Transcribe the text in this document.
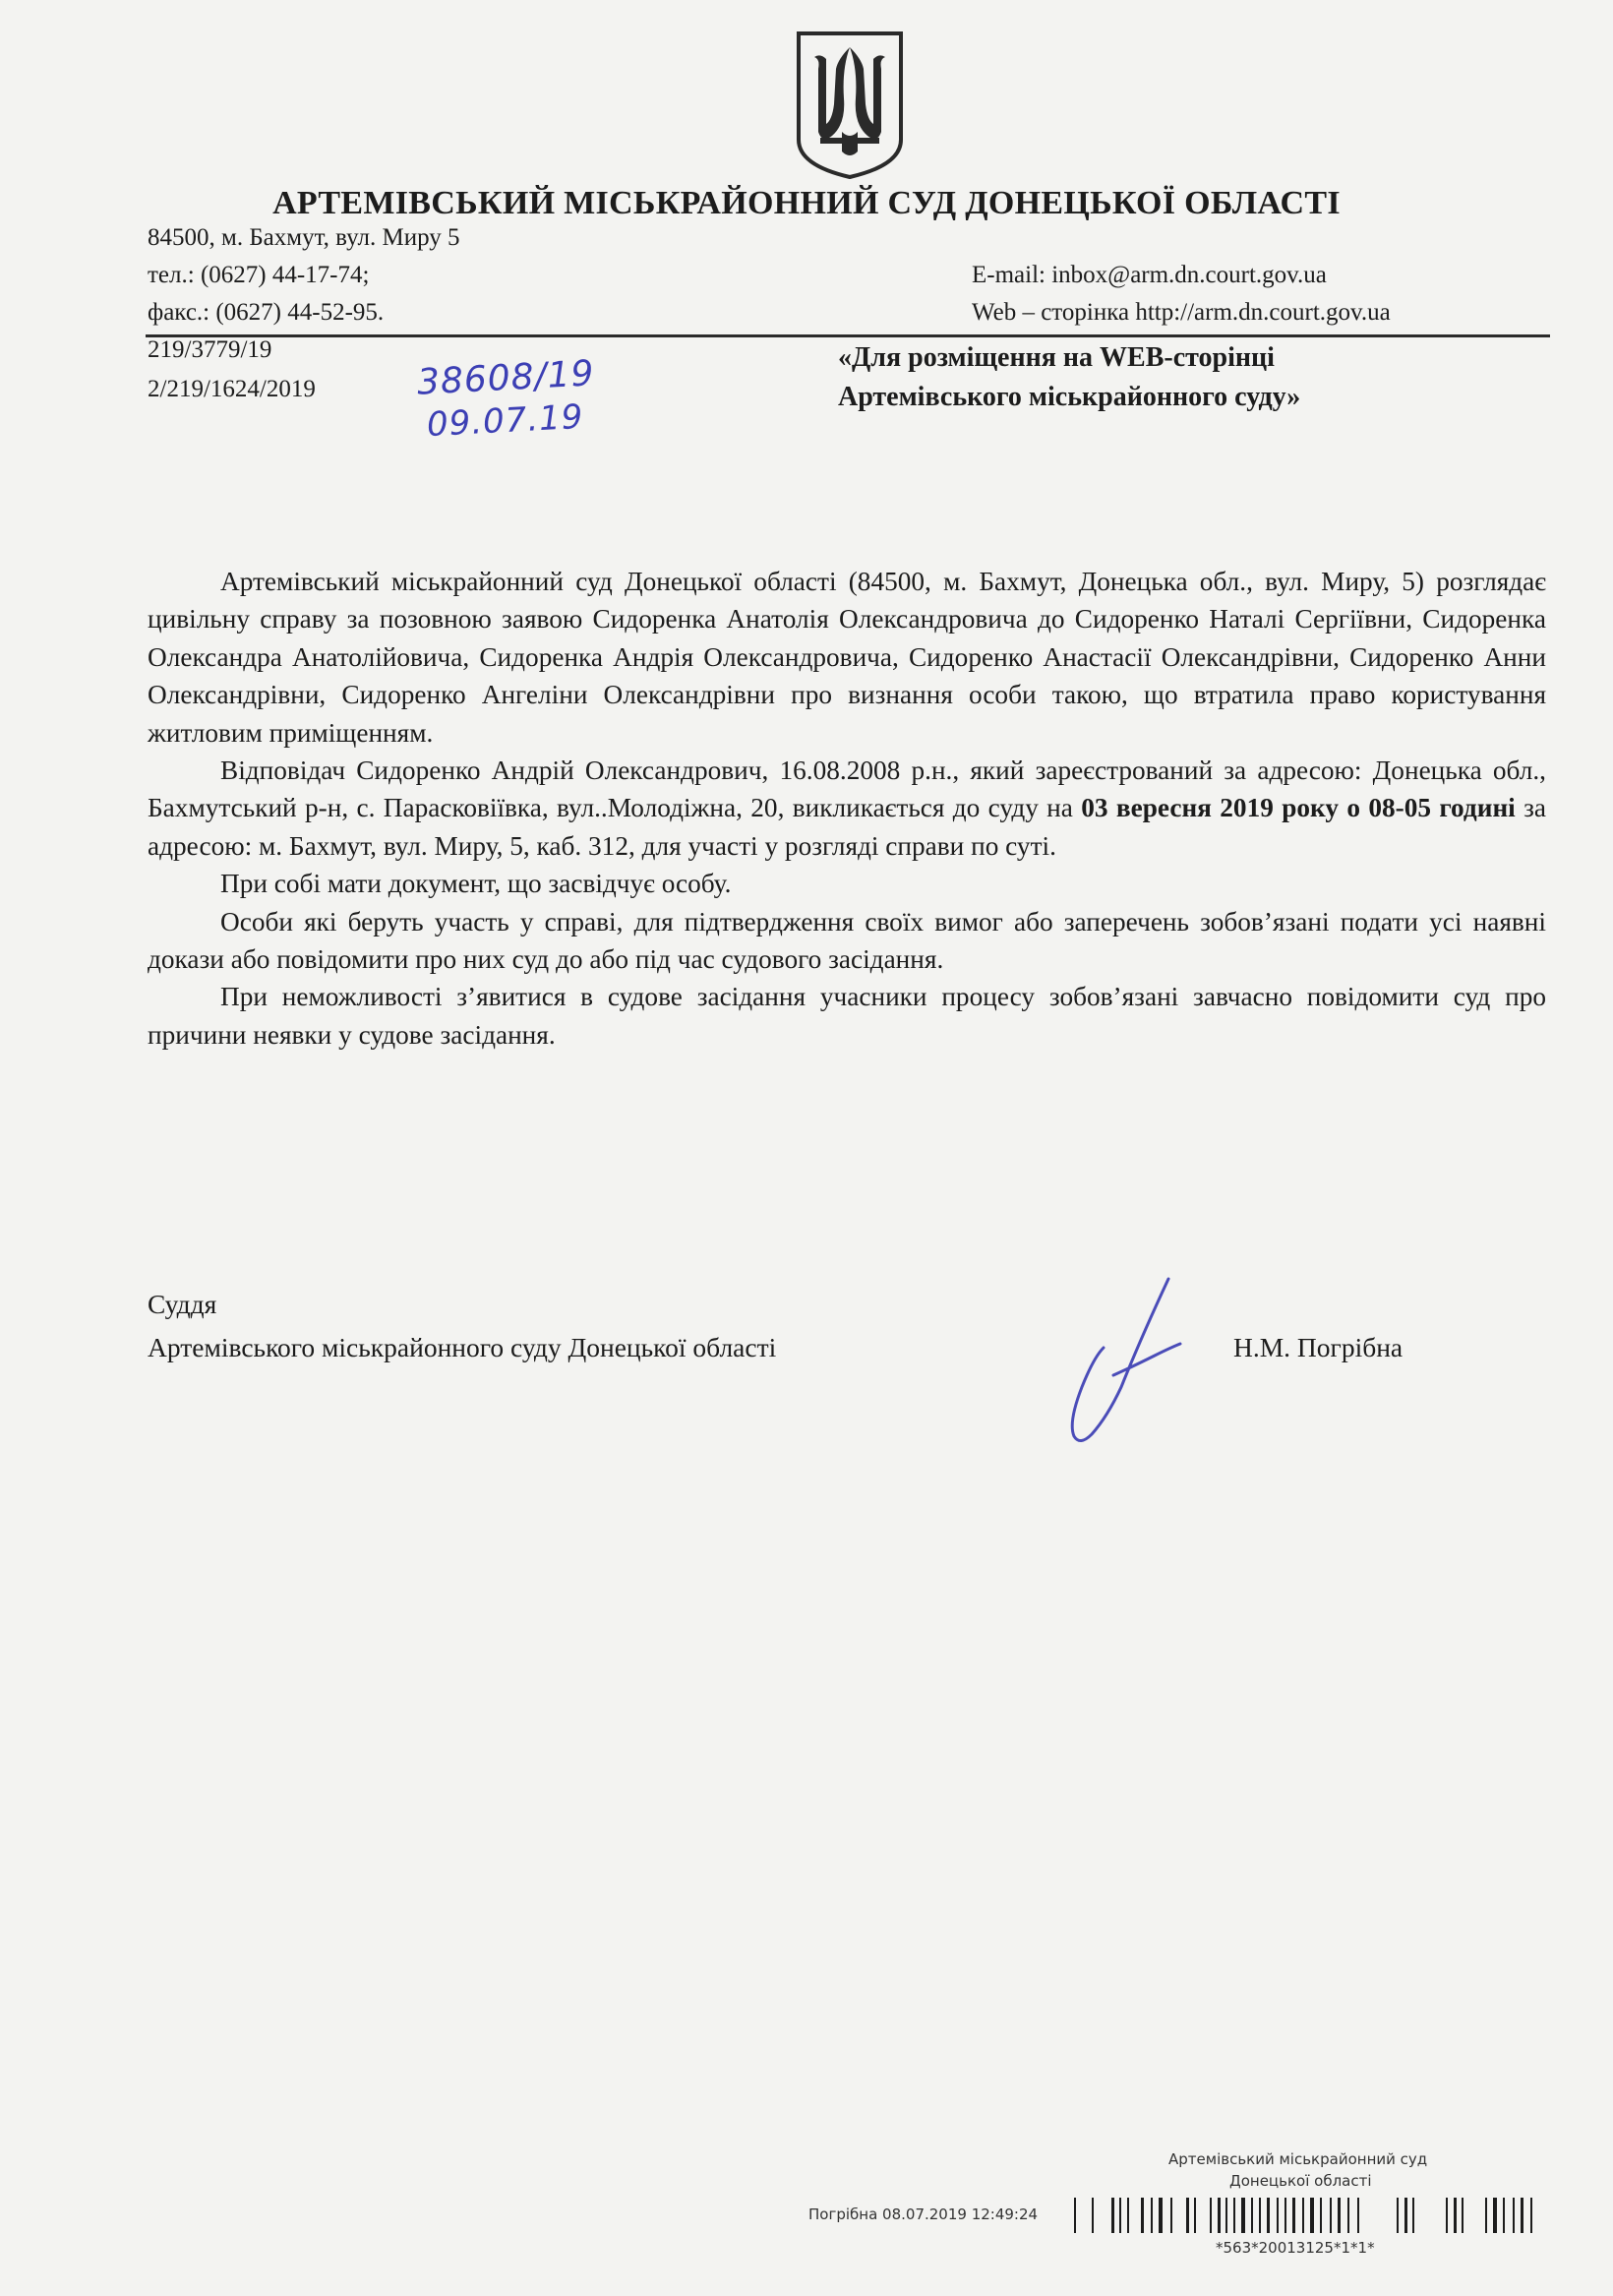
АРТЕМІВСЬКИЙ МІСЬКРАЙОННИЙ СУД ДОНЕЦЬКОЇ ОБЛАСТІ
84500, м. Бахмут, вул. Миру 5
тел.: (0627) 44-17-74;
факс.: (0627) 44-52-95.
E-mail: inbox@arm.dn.court.gov.ua
Web – сторінка http://arm.dn.court.gov.ua
219/3779/19
2/219/1624/2019	38608/19
09.07.19
«Для розміщення на WEB-сторінці
Артемівського міськрайонного суду»

Артемівський міськрайонний суд Донецької області (84500, м. Бахмут, Донецька обл., вул. Миру, 5) розглядає цивільну справу за позовною заявою Сидоренка Анатолія Олександровича до Сидоренко Наталі Сергіївни, Сидоренка Олександра Анатолійовича, Сидоренка Андрія Олександровича, Сидоренко Анастасії Олександрівни, Сидоренко Анни Олександрівни, Сидоренко Ангеліни Олександрівни про визнання особи такою, що втратила право користування житловим приміщенням.

Відповідач Сидоренко Андрій Олександрович, 16.08.2008 р.н., який зареєстрований за адресою: Донецька обл., Бахмутський р-н, с. Парасковіївка, вул..Молодіжна, 20, викликається до суду на 03 вересня 2019 року о 08-05 годині за адресою: м. Бахмут, вул. Миру, 5, каб. 312, для участі у розгляді справи по суті.

При собі мати документ, що засвідчує особу.

Особи які беруть участь у справі, для підтвердження своїх вимог або заперечень зобов’язані подати усі наявні докази або повідомити про них суд до або під час судового засідання.

При неможливості з’явитися в судове засідання учасники процесу зобов’язані завчасно повідомити суд про причини неявки у судове засідання.

Суддя
Артемівського міськрайонного суду Донецької області	Н.М. Погрібна
Артемівський міськрайонний суд
Донецької області
Погрібна 08.07.2019 12:49:24
*563*20013125*1*1*
